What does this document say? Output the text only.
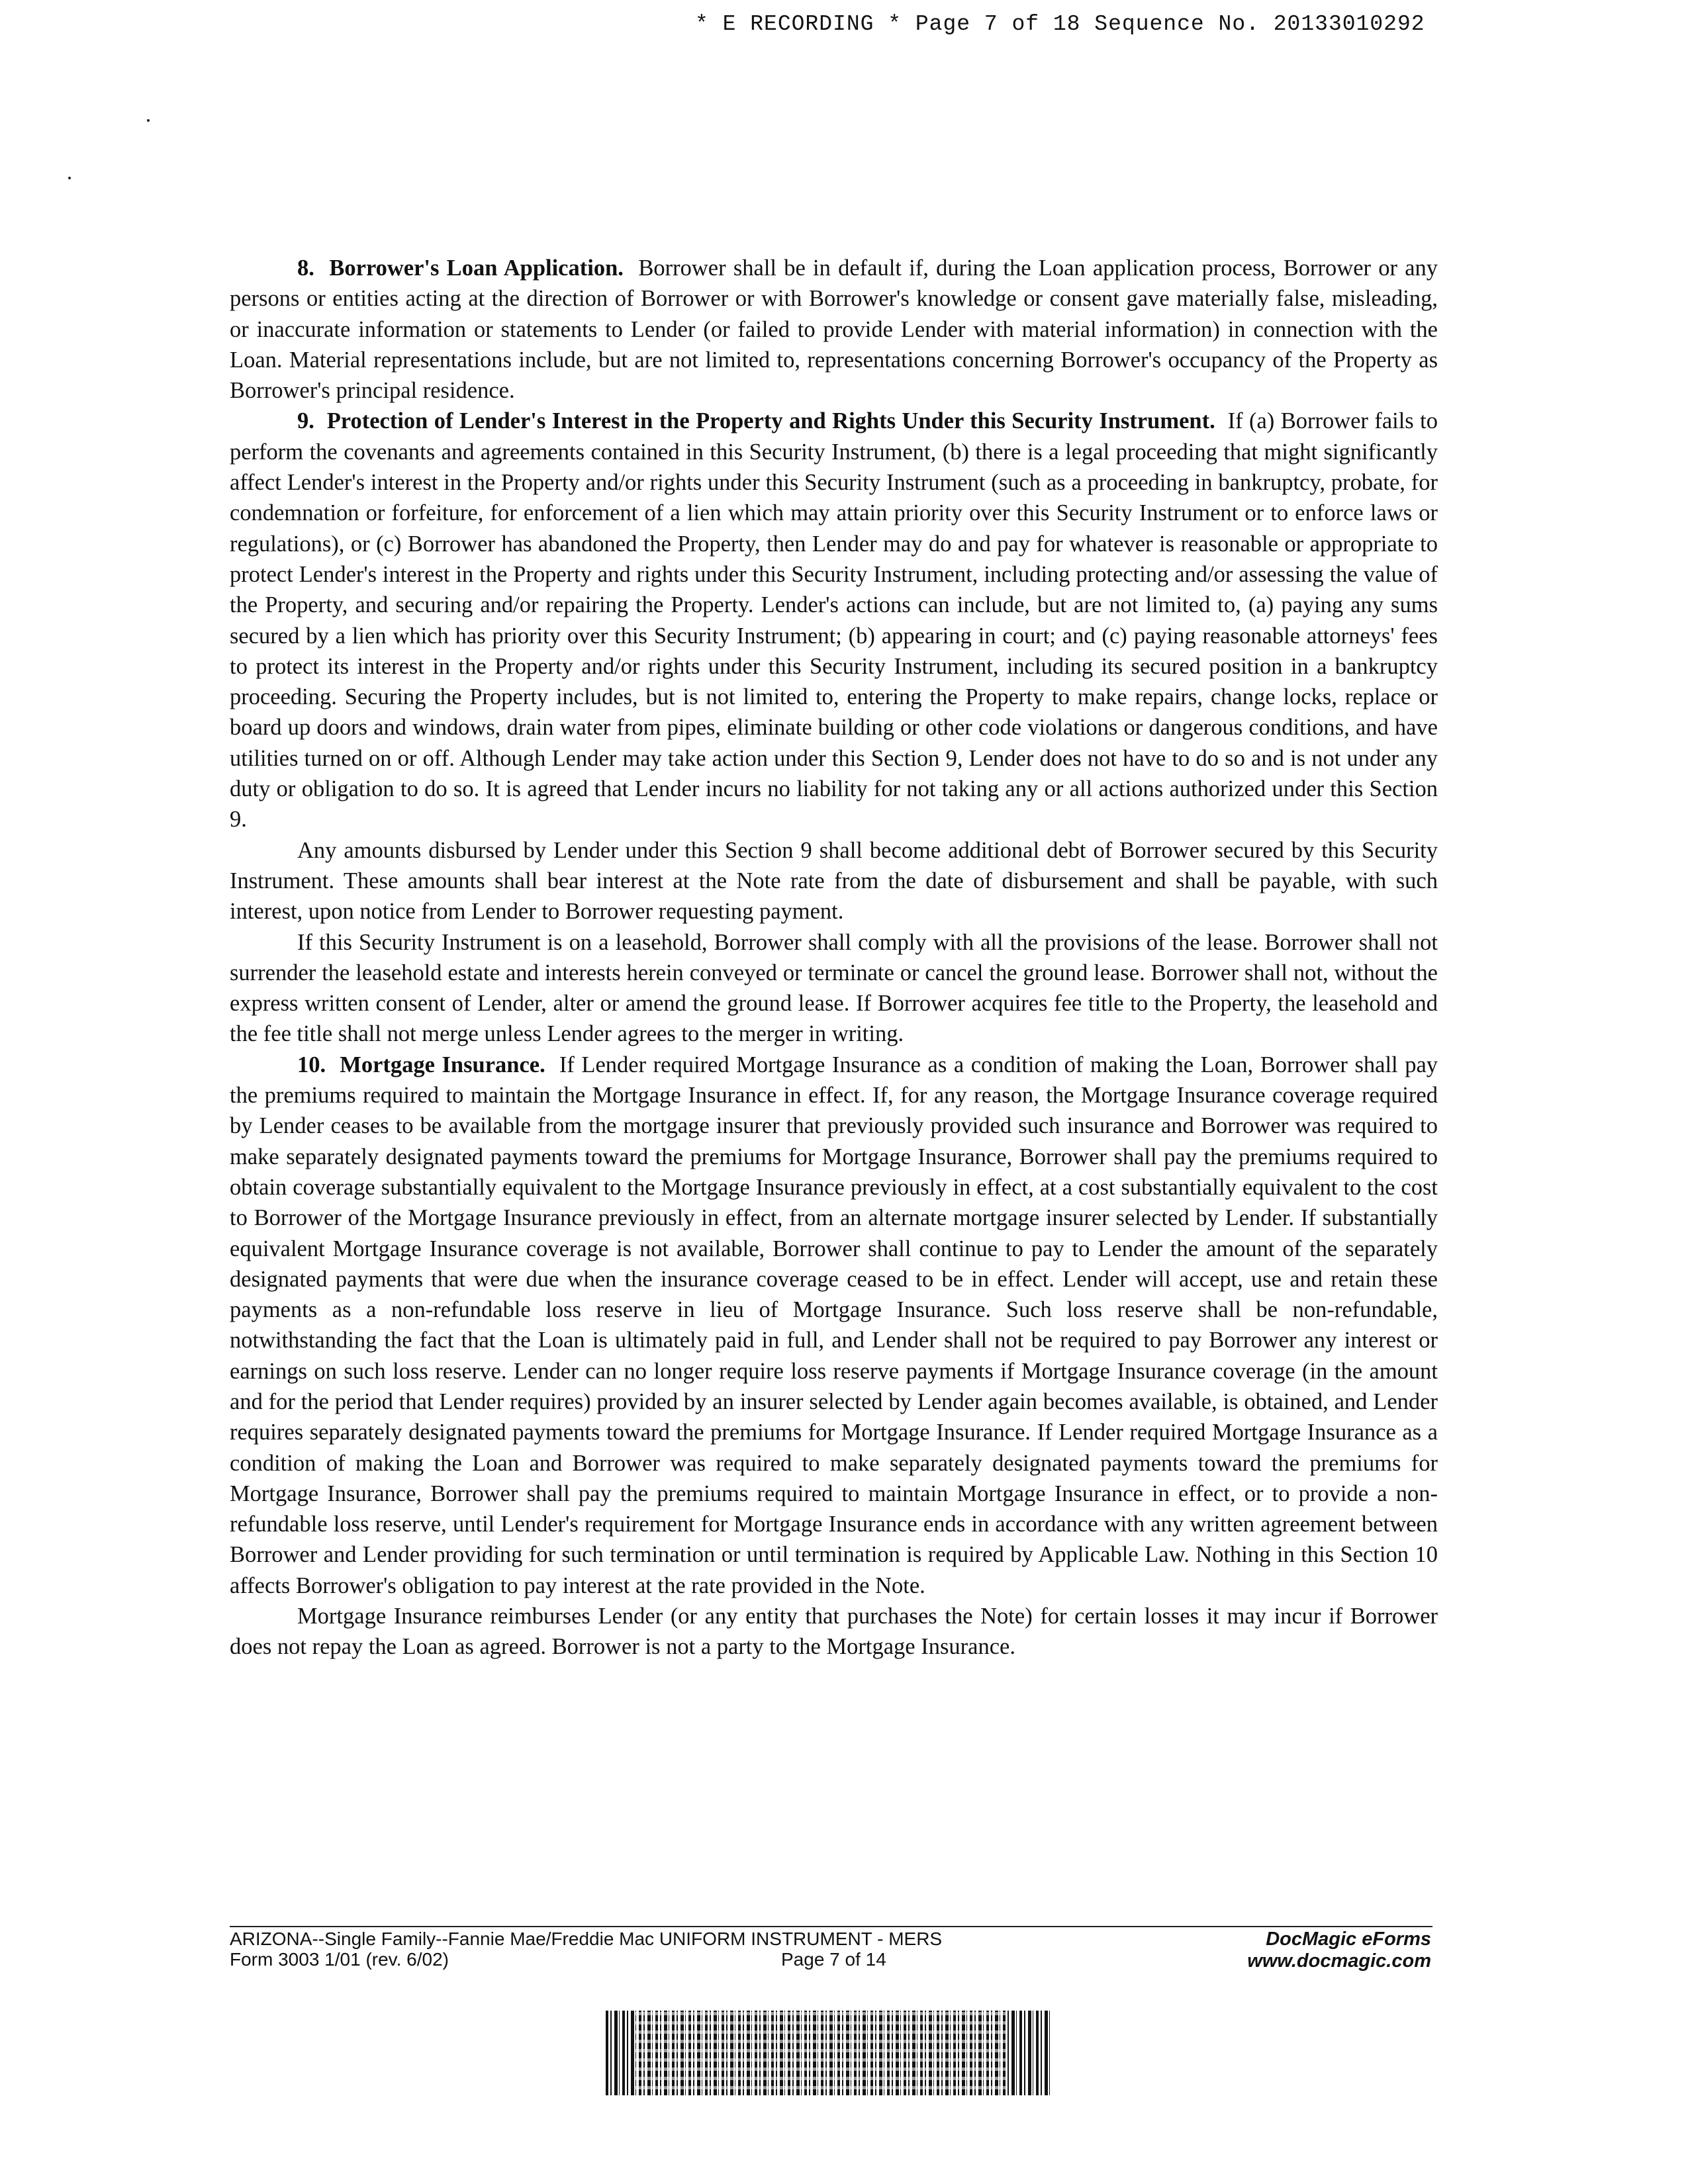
* E RECORDING * Page 7 of 18 Sequence No. 20133010292

8. Borrower's Loan Application. Borrower shall be in default if, during the Loan application process, Borrower or any persons or entities acting at the direction of Borrower or with Borrower's knowledge or consent gave materially false, misleading, or inaccurate information or statements to Lender (or failed to provide Lender with material information) in connection with the Loan. Material representations include, but are not limited to, representations concerning Borrower's occupancy of the Property as Borrower's principal residence.

9. Protection of Lender's Interest in the Property and Rights Under this Security Instrument. If (a) Borrower fails to perform the covenants and agreements contained in this Security Instrument, (b) there is a legal proceeding that might significantly affect Lender's interest in the Property and/or rights under this Security Instrument (such as a proceeding in bankruptcy, probate, for condemnation or forfeiture, for enforcement of a lien which may attain priority over this Security Instrument or to enforce laws or regulations), or (c) Borrower has abandoned the Property, then Lender may do and pay for whatever is reasonable or appropriate to protect Lender's interest in the Property and rights under this Security Instrument, including protecting and/or assessing the value of the Property, and securing and/or repairing the Property. Lender's actions can include, but are not limited to, (a) paying any sums secured by a lien which has priority over this Security Instrument; (b) appearing in court; and (c) paying reasonable attorneys' fees to protect its interest in the Property and/or rights under this Security Instrument, including its secured position in a bankruptcy proceeding. Securing the Property includes, but is not limited to, entering the Property to make repairs, change locks, replace or board up doors and windows, drain water from pipes, eliminate building or other code violations or dangerous conditions, and have utilities turned on or off. Although Lender may take action under this Section 9, Lender does not have to do so and is not under any duty or obligation to do so. It is agreed that Lender incurs no liability for not taking any or all actions authorized under this Section 9.

Any amounts disbursed by Lender under this Section 9 shall become additional debt of Borrower secured by this Security Instrument. These amounts shall bear interest at the Note rate from the date of disbursement and shall be payable, with such interest, upon notice from Lender to Borrower requesting payment.

If this Security Instrument is on a leasehold, Borrower shall comply with all the provisions of the lease. Borrower shall not surrender the leasehold estate and interests herein conveyed or terminate or cancel the ground lease. Borrower shall not, without the express written consent of Lender, alter or amend the ground lease. If Borrower acquires fee title to the Property, the leasehold and the fee title shall not merge unless Lender agrees to the merger in writing.

10. Mortgage Insurance. If Lender required Mortgage Insurance as a condition of making the Loan, Borrower shall pay the premiums required to maintain the Mortgage Insurance in effect. If, for any reason, the Mortgage Insurance coverage required by Lender ceases to be available from the mortgage insurer that previously provided such insurance and Borrower was required to make separately designated payments toward the premiums for Mortgage Insurance, Borrower shall pay the premiums required to obtain coverage substantially equivalent to the Mortgage Insurance previously in effect, at a cost substantially equivalent to the cost to Borrower of the Mortgage Insurance previously in effect, from an alternate mortgage insurer selected by Lender. If substantially equivalent Mortgage Insurance coverage is not available, Borrower shall continue to pay to Lender the amount of the separately designated payments that were due when the insurance coverage ceased to be in effect. Lender will accept, use and retain these payments as a non-refundable loss reserve in lieu of Mortgage Insurance. Such loss reserve shall be non-refundable, notwithstanding the fact that the Loan is ultimately paid in full, and Lender shall not be required to pay Borrower any interest or earnings on such loss reserve. Lender can no longer require loss reserve payments if Mortgage Insurance coverage (in the amount and for the period that Lender requires) provided by an insurer selected by Lender again becomes available, is obtained, and Lender requires separately designated payments toward the premiums for Mortgage Insurance. If Lender required Mortgage Insurance as a condition of making the Loan and Borrower was required to make separately designated payments toward the premiums for Mortgage Insurance, Borrower shall pay the premiums required to maintain Mortgage Insurance in effect, or to provide a non-refundable loss reserve, until Lender's requirement for Mortgage Insurance ends in accordance with any written agreement between Borrower and Lender providing for such termination or until termination is required by Applicable Law. Nothing in this Section 10 affects Borrower's obligation to pay interest at the rate provided in the Note.

Mortgage Insurance reimburses Lender (or any entity that purchases the Note) for certain losses it may incur if Borrower does not repay the Loan as agreed. Borrower is not a party to the Mortgage Insurance.

ARIZONA--Single Family--Fannie Mae/Freddie Mac UNIFORM INSTRUMENT - MERS
Form 3003 1/01 (rev. 6/02)	Page 7 of 14
DocMagic eForms
www.docmagic.com
